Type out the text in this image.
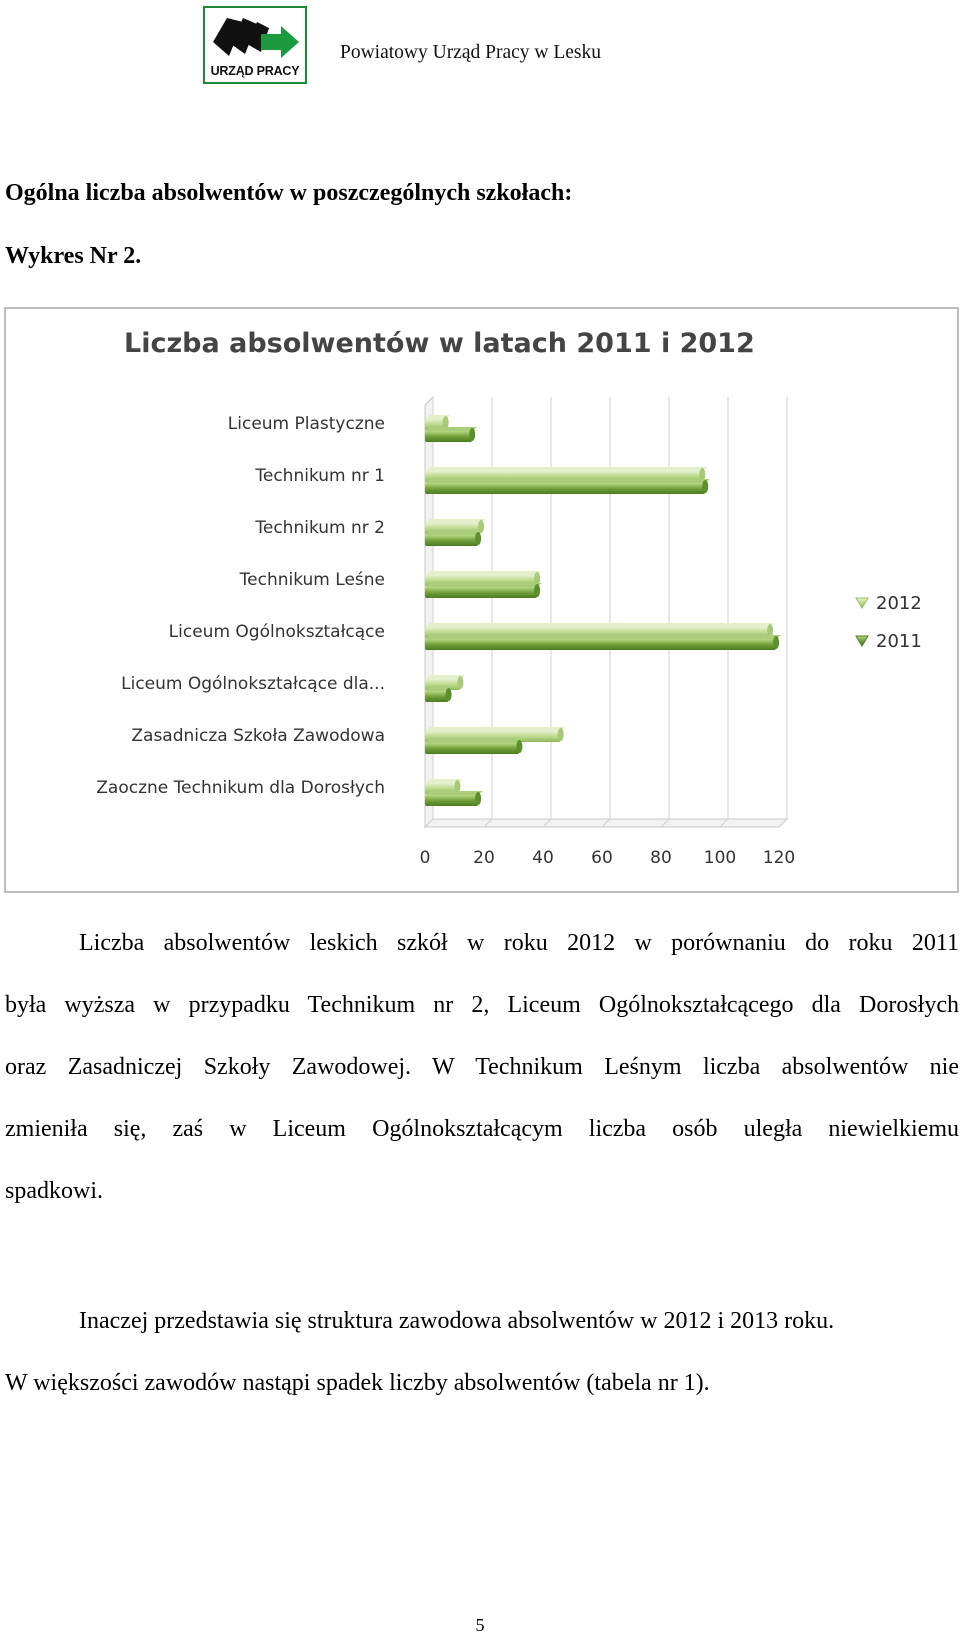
URZĄD PRACY
Powiatowy Urząd Pracy w Lesku
Ogólna liczba absolwentów w poszczególnych szkołach:
Wykres Nr 2.
Liczba absolwentów w latach 2011 i 2012
Liceum Plastyczne
Technikum nr 1
Technikum nr 2
Technikum Leśne
Liceum Ogólnokształcące
Liceum Ogólnokształcące dla...
Zasadnicza Szkoła Zawodowa
Zaoczne Technikum dla Dorosłych
0	20 40 60 80 100 120
2012
2011
Liczba absolwentów leskich szkół w roku 2012 w porównaniu do roku 2011
była wyższa w przypadku Technikum nr 2, Liceum Ogólnokształcącego dla Dorosłych
oraz Zasadniczej Szkoły Zawodowej. W Technikum Leśnym liczba absolwentów nie
zmieniła się, zaś w Liceum Ogólnokształcącym liczba osób uległa niewielkiemu
spadkowi.
Inaczej przedstawia się struktura zawodowa absolwentów w 2012 i 2013 roku.
W większości zawodów nastąpi spadek liczby absolwentów (tabela nr 1).
5
